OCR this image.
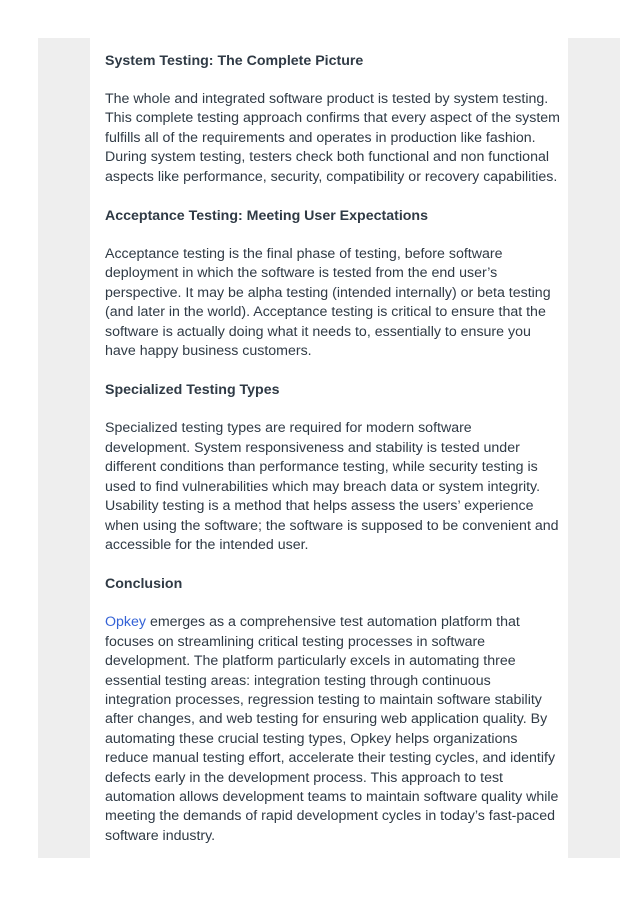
System Testing: The Complete Picture

The whole and integrated software product is tested by system testing. This complete testing approach confirms that every aspect of the system fulfills all of the requirements and operates in production like fashion. During system testing, testers check both functional and non functional aspects like performance, security, compatibility or recovery capabilities.

Acceptance Testing: Meeting User Expectations

Acceptance testing is the final phase of testing, before software deployment in which the software is tested from the end user’s perspective. It may be alpha testing (intended internally) or beta testing (and later in the world). Acceptance testing is critical to ensure that the software is actually doing what it needs to, essentially to ensure you have happy business customers.

Specialized Testing Types

Specialized testing types are required for modern software development. System responsiveness and stability is tested under different conditions than performance testing, while security testing is used to find vulnerabilities which may breach data or system integrity. Usability testing is a method that helps assess the users’ experience when using the software; the software is supposed to be convenient and accessible for the intended user.

Conclusion

Opkey emerges as a comprehensive test automation platform that focuses on streamlining critical testing processes in software development. The platform particularly excels in automating three essential testing areas: integration testing through continuous integration processes, regression testing to maintain software stability after changes, and web testing for ensuring web application quality. By automating these crucial testing types, Opkey helps organizations reduce manual testing effort, accelerate their testing cycles, and identify defects early in the development process. This approach to test automation allows development teams to maintain software quality while meeting the demands of rapid development cycles in today’s fast-paced software industry.
